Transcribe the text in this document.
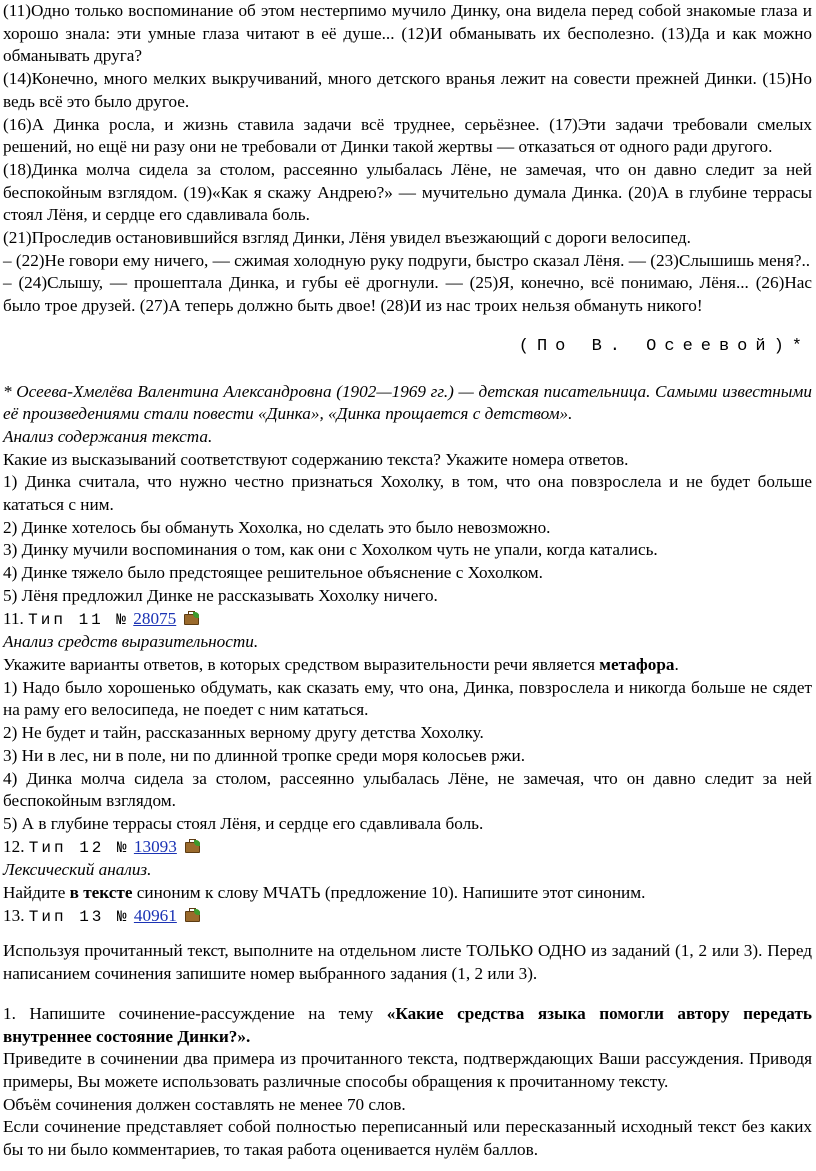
(11)Одно только воспоминание об этом нестерпимо мучило Динку, она видела перед собой знакомые глаза и хорошо знала: эти умные глаза читают в её душе... (12)И обманывать их бесполезно. (13)Да и как можно обманывать друга?

(14)Конечно, много мелких выкручиваний, много детского вранья лежит на совести прежней Динки. (15)Но ведь всё это было другое.

(16)А Динка росла, и жизнь ставила задачи всё труднее, серьёзнее. (17)Эти задачи требовали смелых решений, но ещё ни разу они не требовали от Динки такой жертвы — отказаться от одного ради другого.

(18)Динка молча сидела за столом, рассеянно улыбалась Лёне, не замечая, что он давно следит за ней беспокойным взглядом. (19)«Как я скажу Андрею?» — мучительно думала Динка. (20)А в глубине террасы стоял Лёня, и сердце его сдавливала боль.

(21)Проследив остановившийся взгляд Динки, Лёня увидел въезжающий с дороги велосипед.

– (22)Не говори ему ничего, — сжимая холодную руку подруги, быстро сказал Лёня. — (23)Слышишь меня?..

– (24)Слышу, — прошептала Динка, и губы её дрогнули. — (25)Я, конечно, всё понимаю, Лёня... (26)Нас было трое друзей. (27)А теперь должно быть двое! (28)И из нас троих нельзя обмануть никого!

(По В. Осеевой)*

* Осеева-Хмелёва Валентина Александровна (1902—1969 гг.) — детская писательница. Самыми известными её произведениями стали повести «Динка», «Динка прощается с детством».

Анализ содержания текста.

Какие из высказываний соответствуют содержанию текста? Укажите номера ответов.

1) Динка считала, что нужно честно признаться Хохолку, в том, что она повзрослела и не будет больше кататься с ним.

2) Динке хотелось бы обмануть Хохолка, но сделать это было невозможно.

3) Динку мучили воспоминания о том, как они с Хохолком чуть не упали, когда катались.

4) Динке тяжело было предстоящее решительное объяснение с Хохолком.

5) Лёня предложил Динке не рассказывать Хохолку ничего.

11. Тип 11 № 28075

Анализ средств выразительности.

Укажите варианты ответов, в которых средством выразительности речи является метафора.

1) Надо было хорошенько обдумать, как сказать ему, что она, Динка, повзрослела и никогда больше не сядет на раму его велосипеда, не поедет с ним кататься.

2) Не будет и тайн, рассказанных верному другу детства Хохолку.

3) Ни в лес, ни в поле, ни по длинной тропке среди моря колосьев ржи.

4) Динка молча сидела за столом, рассеянно улыбалась Лёне, не замечая, что он давно следит за ней беспокойным взглядом.

5) А в глубине террасы стоял Лёня, и сердце его сдавливала боль.

12. Тип 12 № 13093

Лексический анализ.

Найдите в тексте синоним к слову МЧАТЬ (предложение 10). Напишите этот синоним.

13. Тип 13 № 40961

Используя прочитанный текст, выполните на отдельном листе ТОЛЬКО ОДНО из заданий (1, 2 или 3). Перед написанием сочинения запишите номер выбранного задания (1, 2 или 3).

1. Напишите сочинение-рассуждение на тему «Какие средства языка помогли автору передать внутреннее состояние Динки?».

Приведите в сочинении два примера из прочитанного текста, подтверждающих Ваши рассуждения. Приводя примеры, Вы можете использовать различные способы обращения к прочитанному тексту.

Объём сочинения должен составлять не менее 70 слов.

Если сочинение представляет собой полностью переписанный или пересказанный исходный текст без каких бы то ни было комментариев, то такая работа оценивается нулём баллов.
